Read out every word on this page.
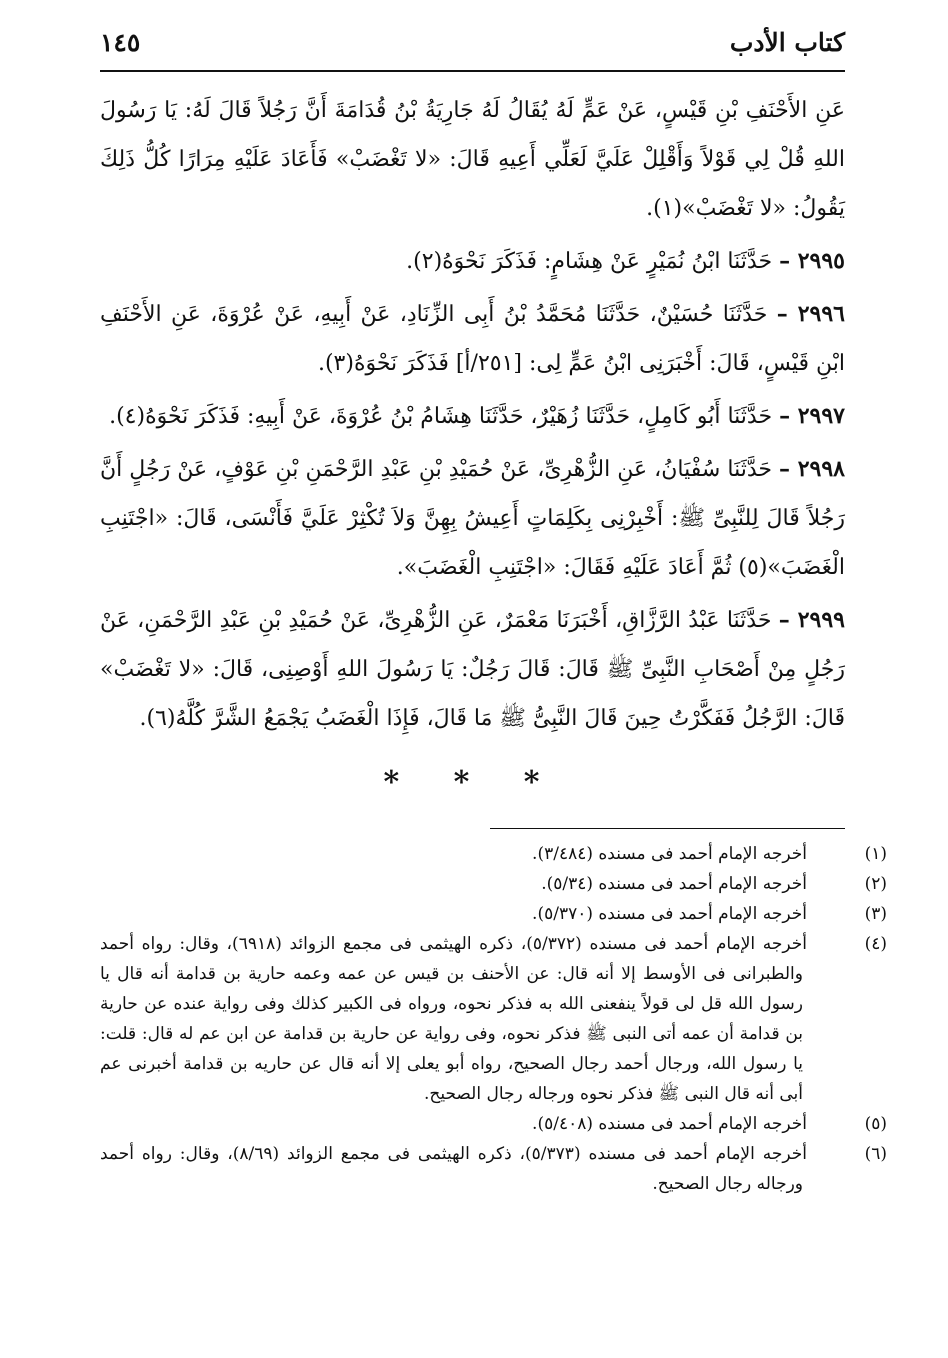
كتاب الأدب
١٤٥

عَنِ الأَحْنَفِ بْنِ قَيْسٍ، عَنْ عَمٍّ لَهُ يُقَالُ لَهُ جَارِيَةُ بْنُ قُدَامَةَ أَنَّ رَجُلاً قَالَ لَهُ: يَا رَسُولَ اللهِ قُلْ لِي قَوْلاً وَأَقْلِلْ عَلَيَّ لَعَلِّي أَعِيهِ قَالَ: «لا تَغْضَبْ» فَأَعَادَ عَلَيْهِ مِرَارًا كُلُّ ذَلِكَ يَقُولُ: «لا تَغْضَبْ»(١).

٢٩٩٥ – حَدَّثَنَا ابْنُ نُمَيْرٍ عَنْ هِشَامٍ: فَذَكَرَ نَحْوَهُ(٢).

٢٩٩٦ – حَدَّثَنَا حُسَيْنٌ، حَدَّثَنَا مُحَمَّدُ بْنُ أَبِى الزِّنَادِ، عَنْ أَبِيهِ، عَنْ عُرْوَةَ، عَنِ الأَحْنَفِ ابْنِ قَيْسٍ، قَالَ: أَخْبَرَنِى ابْنُ عَمٍّ لِى: [٢٥١/أ] فَذَكَرَ نَحْوَهُ(٣).

٢٩٩٧ – حَدَّثَنَا أَبُو كَامِلٍ، حَدَّثَنَا زُهَيْرٌ، حَدَّثَنَا هِشَامُ بْنُ عُرْوَةَ، عَنْ أَبِيهِ: فَذَكَرَ نَحْوَهُ(٤).

٢٩٩٨ – حَدَّثَنَا سُفْيَانُ، عَنِ الزُّهْرِىِّ، عَنْ حُمَيْدِ بْنِ عَبْدِ الرَّحْمَنِ بْنِ عَوْفٍ، عَنْ رَجُلٍ أَنَّ رَجُلاً قَالَ لِلنَّبِىِّ ﷺ: أَخْبِرْنِى بِكَلِمَاتٍ أَعِيشُ بِهِنَّ وَلاَ تُكْثِرْ عَلَيَّ فَأَنْسَى، قَالَ: «اجْتَنِبِ الْغَضَبَ»(٥) ثُمَّ أَعَادَ عَلَيْهِ فَقَالَ: «اجْتَنِبِ الْغَضَبَ».

٢٩٩٩ – حَدَّثَنَا عَبْدُ الرَّزَّاقِ، أَخْبَرَنَا مَعْمَرٌ، عَنِ الزُّهْرِىِّ، عَنْ حُمَيْدِ بْنِ عَبْدِ الرَّحْمَنِ، عَنْ رَجُلٍ مِنْ أَصْحَابِ النَّبِىِّ ﷺ قَالَ: قَالَ رَجُلٌ: يَا رَسُولَ اللهِ أَوْصِنِى، قَالَ: «لا تَغْضَبْ» قَالَ: الرَّجُلُ فَفَكَّرْتُ حِينَ قَالَ النَّبِىُّ ﷺ مَا قَالَ، فَإِذَا الْغَضَبُ يَجْمَعُ الشَّرَّ كُلَّهُ(٦).

* * *

(١)أخرجه الإمام أحمد فى مسنده (٣/٤٨٤).

(٢)أخرجه الإمام أحمد فى مسنده (٥/٣٤).

(٣)أخرجه الإمام أحمد فى مسنده (٥/٣٧٠).

(٤)أخرجه الإمام أحمد فى مسنده (٥/٣٧٢)، ذكره الهيثمى فى مجمع الزوائد (٦٩١٨)، وقال: رواه أحمد والطبرانى فى الأوسط إلا أنه قال: عن الأحنف بن قيس عن عمه وعمه حارية بن قدامة أنه قال يا رسول الله قل لى قولاً ينفعنى الله به فذكر نحوه، ورواه فى الكبير كذلك وفى رواية عنده عن حارية بن قدامة أن عمه أتى النبى ﷺ فذكر نحوه، وفى رواية عن حارية بن قدامة عن ابن عم له قال: قلت: يا رسول الله، ورجال أحمد رجال الصحيح، رواه أبو يعلى إلا أنه قال عن حاريه بن قدامة أخبرنى عم أبى أنه قال النبى ﷺ فذكر نحوه ورجاله رجال الصحيح.

(٥)أخرجه الإمام أحمد فى مسنده (٥/٤٠٨).

(٦)أخرجه الإمام أحمد فى مسنده (٥/٣٧٣)، ذكره الهيثمى فى مجمع الزوائد (٨/٦٩)، وقال: رواه أحمد ورجاله رجال الصحيح.
